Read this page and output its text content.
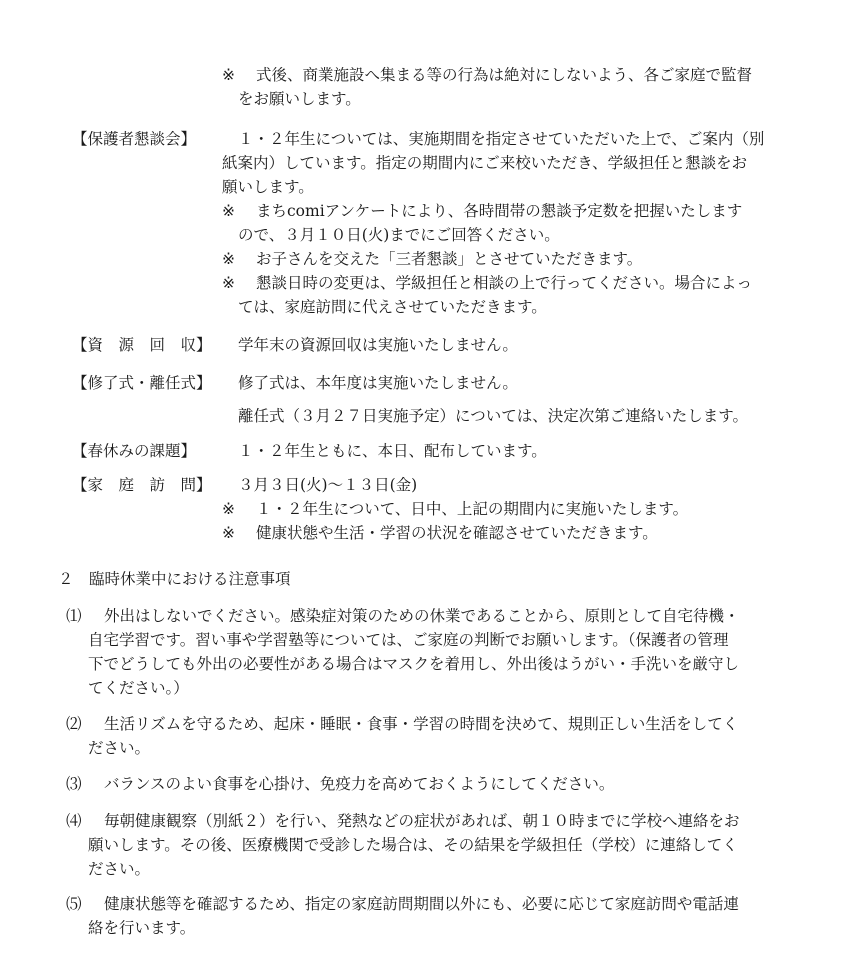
※ 式後、商業施設へ集まる等の行為は絶対にしないよう、各ご家庭で監督
をお願いします。
【保護者懇談会】	１・２年生については、実施期間を指定させていただいた上で、ご案内（別
紙案内）しています。指定の期間内にご来校いただき、学級担任と懇談をお
願いします。
※ まちcomiアンケートにより、各時間帯の懇談予定数を把握いたします
ので、３月１０日(火)までにご回答ください。
※ お子さんを交えた「三者懇談」とさせていただきます。
※ 懇談日時の変更は、学級担任と相談の上で行ってください。場合によっ
ては、家庭訪問に代えさせていただきます。
【資　源　回　収】 学年末の資源回収は実施いたしません。
【修了式・離任式】 修了式は、本年度は実施いたしません。
離任式（３月２７日実施予定）については、決定次第ご連絡いたします。
【春休みの課題】	１・２年生ともに、本日、配布しています。
【家　庭　訪　問】 ３月３日(火)～１３日(金)
※ １・２年生について、日中、上記の期間内に実施いたします。
※ 健康状態や生活・学習の状況を確認させていただきます。
２　臨時休業中における注意事項
⑴ 外出はしないでください。感染症対策のための休業であることから、原則として自宅待機・
自宅学習です。習い事や学習塾等については、ご家庭の判断でお願いします。（保護者の管理
下でどうしても外出の必要性がある場合はマスクを着用し、外出後はうがい・手洗いを厳守し
てください。）
⑵ 生活リズムを守るため、起床・睡眠・食事・学習の時間を決めて、規則正しい生活をしてく
ださい。
⑶ バランスのよい食事を心掛け、免疫力を高めておくようにしてください。
⑷ 毎朝健康観察（別紙２）を行い、発熱などの症状があれば、朝１０時までに学校へ連絡をお
願いします。その後、医療機関で受診した場合は、その結果を学級担任（学校）に連絡してく
ださい。
⑸ 健康状態等を確認するため、指定の家庭訪問期間以外にも、必要に応じて家庭訪問や電話連
絡を行います。
